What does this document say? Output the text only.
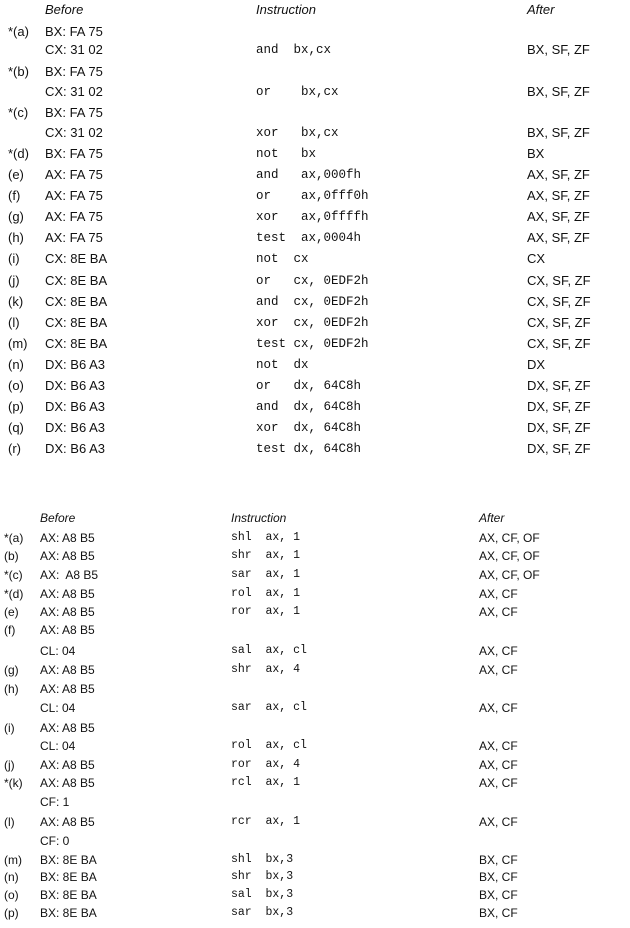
Before	Instruction	After
*(a) BX: FA 75
CX: 31 02	and  bx,cx	BX, SF, ZF
*(b) BX: FA 75
CX: 31 02	or    bx,cx	BX, SF, ZF
*(c) BX: FA 75
CX: 31 02	xor   bx,cx	BX, SF, ZF
*(d) BX: FA 75	not   bx	BX
(e) AX: FA 75	and   ax,000fh	AX, SF, ZF
(f) AX: FA 75	or    ax,0fff0h	AX, SF, ZF
(g) AX: FA 75	xor   ax,0ffffh	AX, SF, ZF
(h) AX: FA 75	test  ax,0004h	AX, SF, ZF
(i) CX: 8E BA	not  cx	CX
(j) CX: 8E BA	or   cx, 0EDF2h	CX, SF, ZF
(k) CX: 8E BA	and  cx, 0EDF2h	CX, SF, ZF
(l) CX: 8E BA	xor  cx, 0EDF2h	CX, SF, ZF
(m) CX: 8E BA	test cx, 0EDF2h	CX, SF, ZF
(n) DX: B6 A3	not  dx	DX
(o) DX: B6 A3	or   dx, 64C8h	DX, SF, ZF
(p) DX: B6 A3	and  dx, 64C8h	DX, SF, ZF
(q) DX: B6 A3	xor  dx, 64C8h	DX, SF, ZF
(r) DX: B6 A3	test dx, 64C8h	DX, SF, ZF
Before	Instruction	After
*(a) AX: A8 B5	shl  ax, 1	AX, CF, OF
(b) AX: A8 B5	shr  ax, 1	AX, CF, OF
*(c) AX:  A8 B5	sar  ax, 1	AX, CF, OF
*(d) AX: A8 B5	rol  ax, 1	AX, CF
(e) AX: A8 B5	ror  ax, 1	AX, CF
(f) AX: A8 B5
CL: 04	sal  ax, cl	AX, CF
(g) AX: A8 B5	shr  ax, 4	AX, CF
(h) AX: A8 B5
CL: 04	sar  ax, cl	AX, CF
(i) AX: A8 B5
CL: 04	rol  ax, cl	AX, CF
(j) AX: A8 B5	ror  ax, 4	AX, CF
*(k) AX: A8 B5	rcl  ax, 1	AX, CF
CF: 1
(l) AX: A8 B5	rcr  ax, 1	AX, CF
CF: 0
(m) BX: 8E BA	shl  bx,3	BX, CF
(n) BX: 8E BA	shr  bx,3	BX, CF
(o) BX: 8E BA	sal  bx,3	BX, CF
(p) BX: 8E BA	sar  bx,3	BX, CF
